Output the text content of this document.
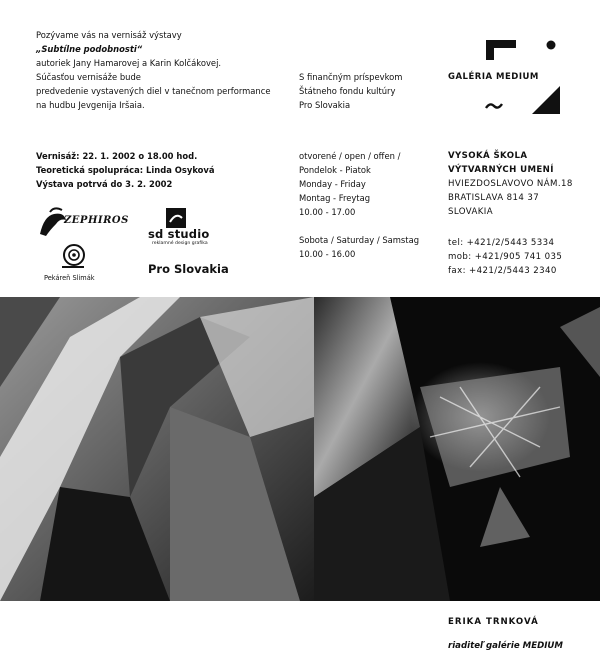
Pozývame vás na vernisáž výstavy
„Subtílne podobnosti“
autoriek Jany Hamarovej a Karin Kolčákovej.
Súčasťou vernisáže bude
predvedenie vystavených diel v tanečnom performance
na hudbu Jevgenija Iršaia.
S finančným príspevkom
Štátneho fondu kultúry
Pro Slovakia
GALÉRIA MEDIUM
Vernisáž: 22. 1. 2002 o 18.00 hod.
Teoretická spolupráca: Linda Osyková
Výstava potrvá do 3. 2. 2002
otvorené / open / offen /
Pondelok - Piatok
Monday - Friday
Montag - Freytag
10.00 - 17.00
Sobota / Saturday / Samstag
10.00 - 16.00
VYSOKÁ ŠKOLA
VÝTVARNÝCH UMENÍ
HVIEZDOSLAVOVO NÁM.18
BRATISLAVA 814 37
SLOVAKIA
tel: +421/2/5443 5334
mob: +421/905 741 035
fax: +421/2/5443 2340
ZEPHIROS
sd studio
reklamné design grafika
Pekáreň Slimák
Pro Slovakia
ERIKA TRNKOVÁ
riaditeľ galérie MEDIUM
